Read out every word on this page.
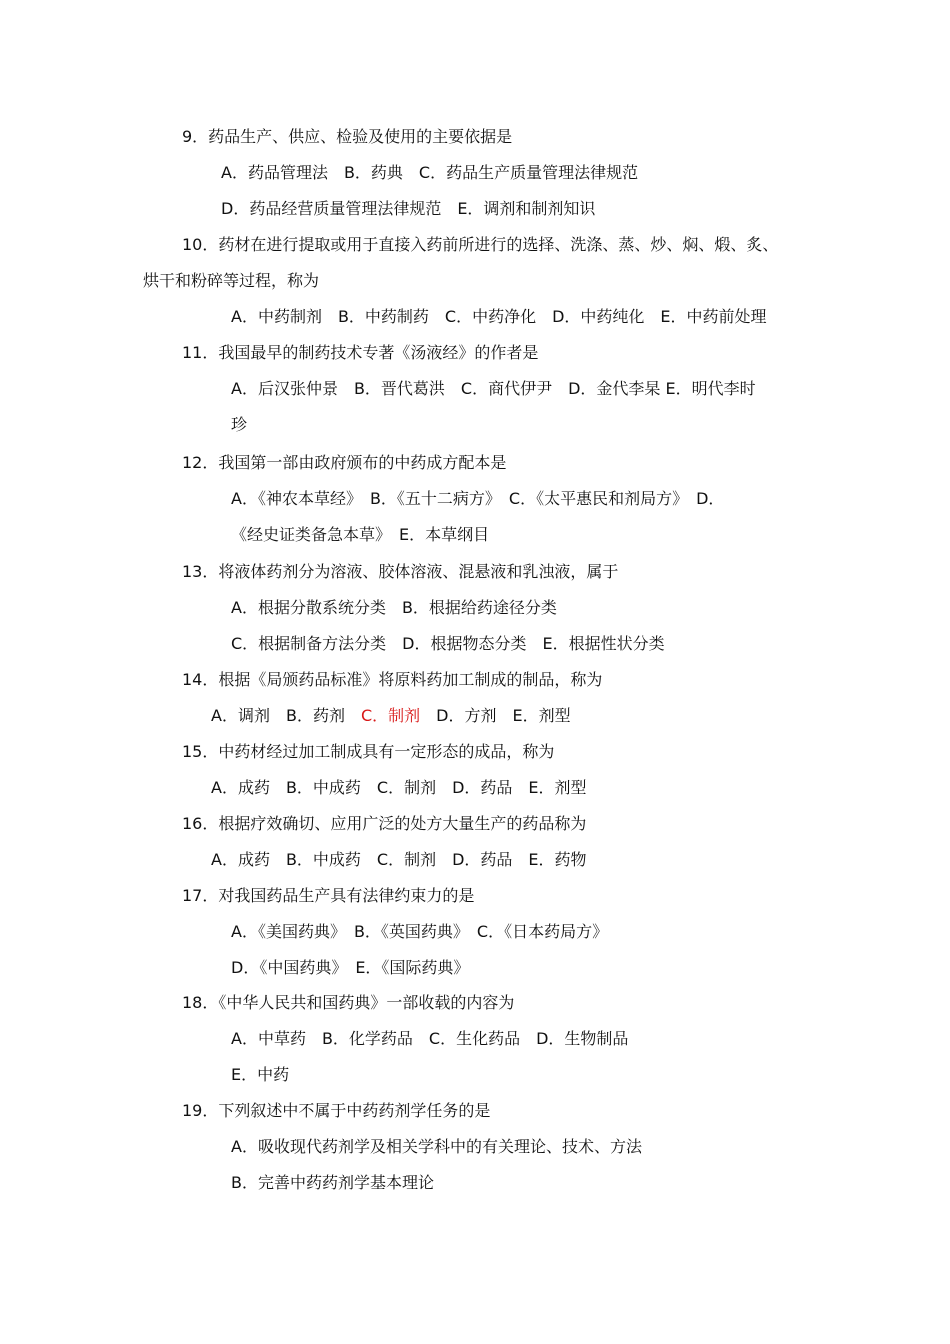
9．药品生产、供应、检验及使用的主要依据是
A．药品管理法　B．药典　C．药品生产质量管理法律规范
D．药品经营质量管理法律规范　E．调剂和制剂知识
10．药材在进行提取或用于直接入药前所进行的选择、洗涤、蒸、炒、焖、煅、炙、
烘干和粉碎等过程，称为
A．中药制剂　B．中药制药　C．中药净化　D．中药纯化　E．中药前处理
11．我国最早的制药技术专著《汤液经》的作者是
A．后汉张仲景　B．晋代葛洪　C．商代伊尹　D．金代李杲 E．明代李时
珍
12．我国第一部由政府颁布的中药成方配本是
A．《神农本草经》　B．《五十二病方》　C．《太平惠民和剂局方》　D．
《经史证类备急本草》　E．本草纲目
13．将液体药剂分为溶液、胶体溶液、混悬液和乳浊液，属于
A．根据分散系统分类　B．根据给药途径分类
C．根据制备方法分类　D．根据物态分类　E．根据性状分类
14．根据《局颁药品标准》将原料药加工制成的制品，称为
A．调剂　 B．药剂　 C．制剂　 D．方剂　 E．剂型
15．中药材经过加工制成具有一定形态的成品，称为
A．成药　B．中成药　C．制剂　D．药品　E．剂型
16．根据疗效确切、应用广泛的处方大量生产的药品称为
A．成药　B．中成药　C．制剂　D．药品　E．药物
17．对我国药品生产具有法律约束力的是
A．《美国药典》　B．《英国药典》　C．《日本药局方》
D．《中国药典》　E．《国际药典》
18．《中华人民共和国药典》一部收载的内容为
A．中草药　B．化学药品　C．生化药品　D．生物制品
E．中药
19．下列叙述中不属于中药药剂学任务的是
A．吸收现代药剂学及相关学科中的有关理论、技术、方法
B．完善中药药剂学基本理论
